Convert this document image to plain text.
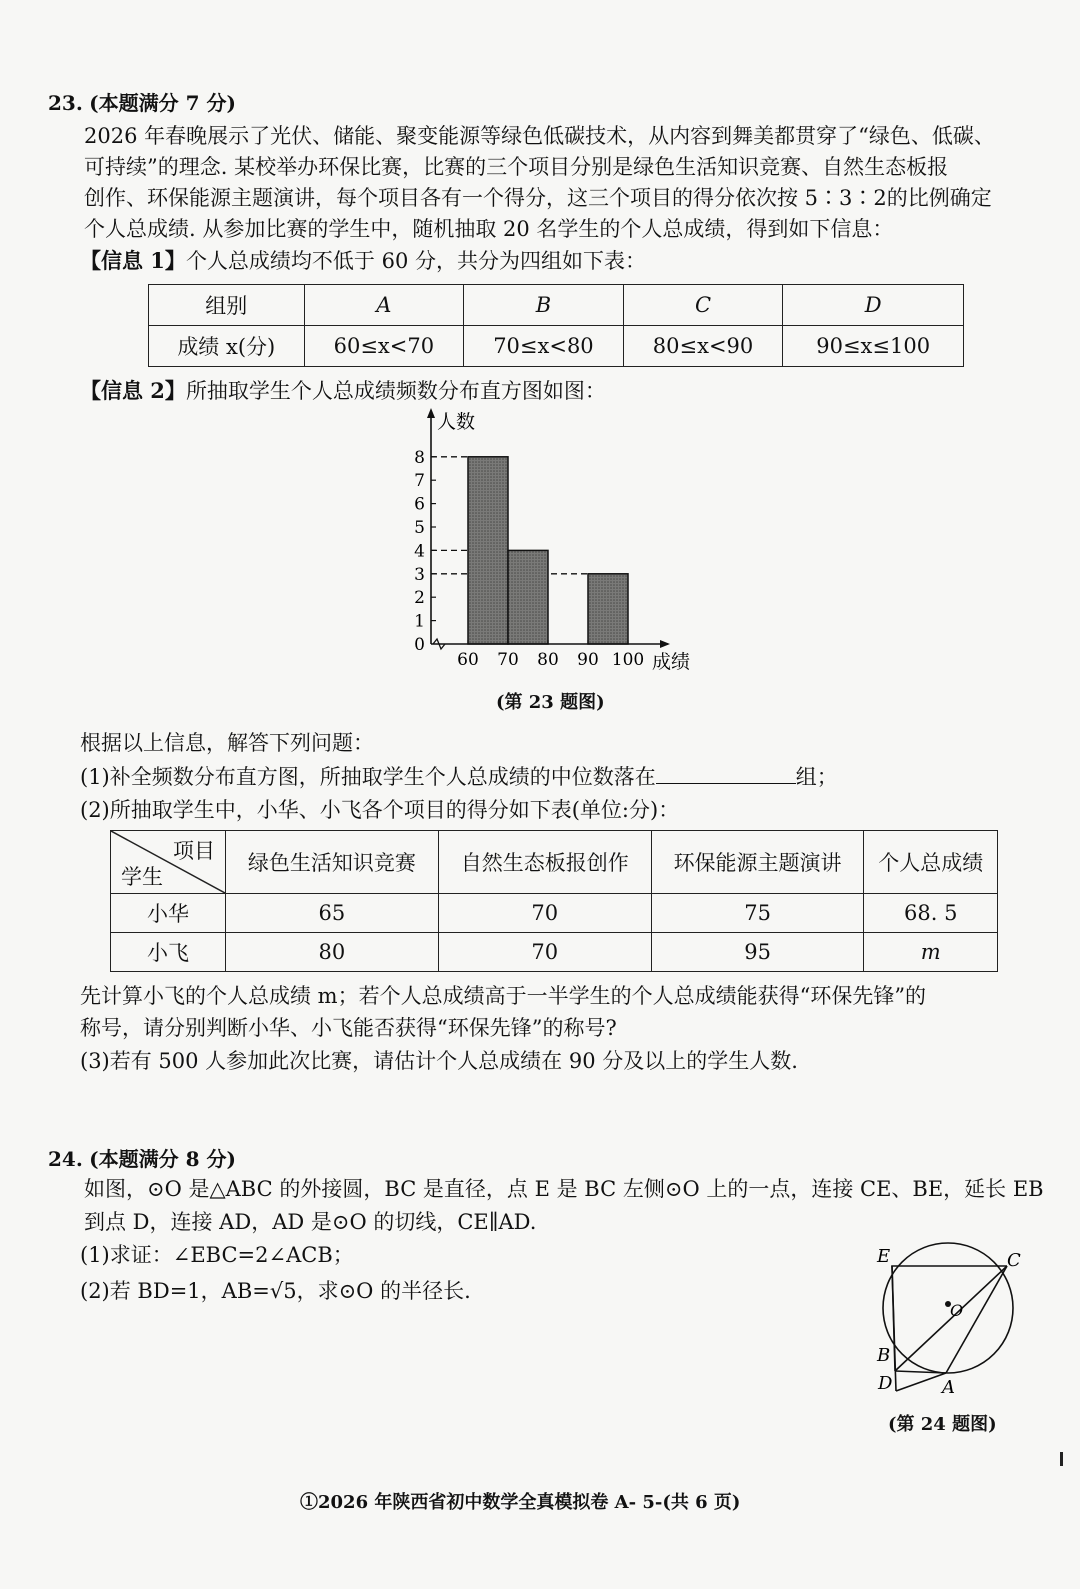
23. (本题满分 7 分)
2026 年春晚展示了光伏、储能、聚变能源等绿色低碳技术，从内容到舞美都贯穿了“绿色、低碳、
可持续”的理念. 某校举办环保比赛，比赛的三个项目分别是绿色生活知识竞赛、自然生态板报
创作、环保能源主题演讲，每个项目各有一个得分，这三个项目的得分依次按 5∶3∶2的比例确定
个人总成绩. 从参加比赛的学生中，随机抽取 20 名学生的个人总成绩，得到如下信息：
【信息 1】个人总成绩均不低于 60 分，共分为四组如下表：
组别	A	B	C	D
成绩 x(分)	60≤x<70	70≤x<80	80≤x<90	90≤x≤100
【信息 2】所抽取学生个人总成绩频数分布直方图如图：
0
1
2
3
4
5
6
7
8
60 70 80 90 100
人数
成绩
(第 23 题图)
根据以上信息，解答下列问题：
(1)补全频数分布直方图，所抽取学生个人总成绩的中位数落在	组；
(2)所抽取学生中，小华、小飞各个项目的得分如下表(单位:分)：
项目
学生	绿色生活知识竞赛	自然生态板报创作	环保能源主题演讲	个人总成绩
小华	65	70	75	68. 5
小飞	80	70	95	m
先计算小飞的个人总成绩 m；若个人总成绩高于一半学生的个人总成绩能获得“环保先锋”的
称号，请分别判断小华、小飞能否获得“环保先锋”的称号?
(3)若有 500 人参加此次比赛，请估计个人总成绩在 90 分及以上的学生人数.
24. (本题满分 8 分)
如图，⊙O 是△ABC 的外接圆，BC 是直径，点 E 是 BC 左侧⊙O 上的一点，连接 CE、BE，延长 EB
到点 D，连接 AD，AD 是⊙O 的切线，CE∥AD.
(1)求证：∠EBC=2∠ACB；
(2)若 BD=1，AB=√5，求⊙O 的半径长.
E	C
O
B
D	A
(第 24 题图)
①2026 年陕西省初中数学全真模拟卷 A- 5-(共 6 页)
